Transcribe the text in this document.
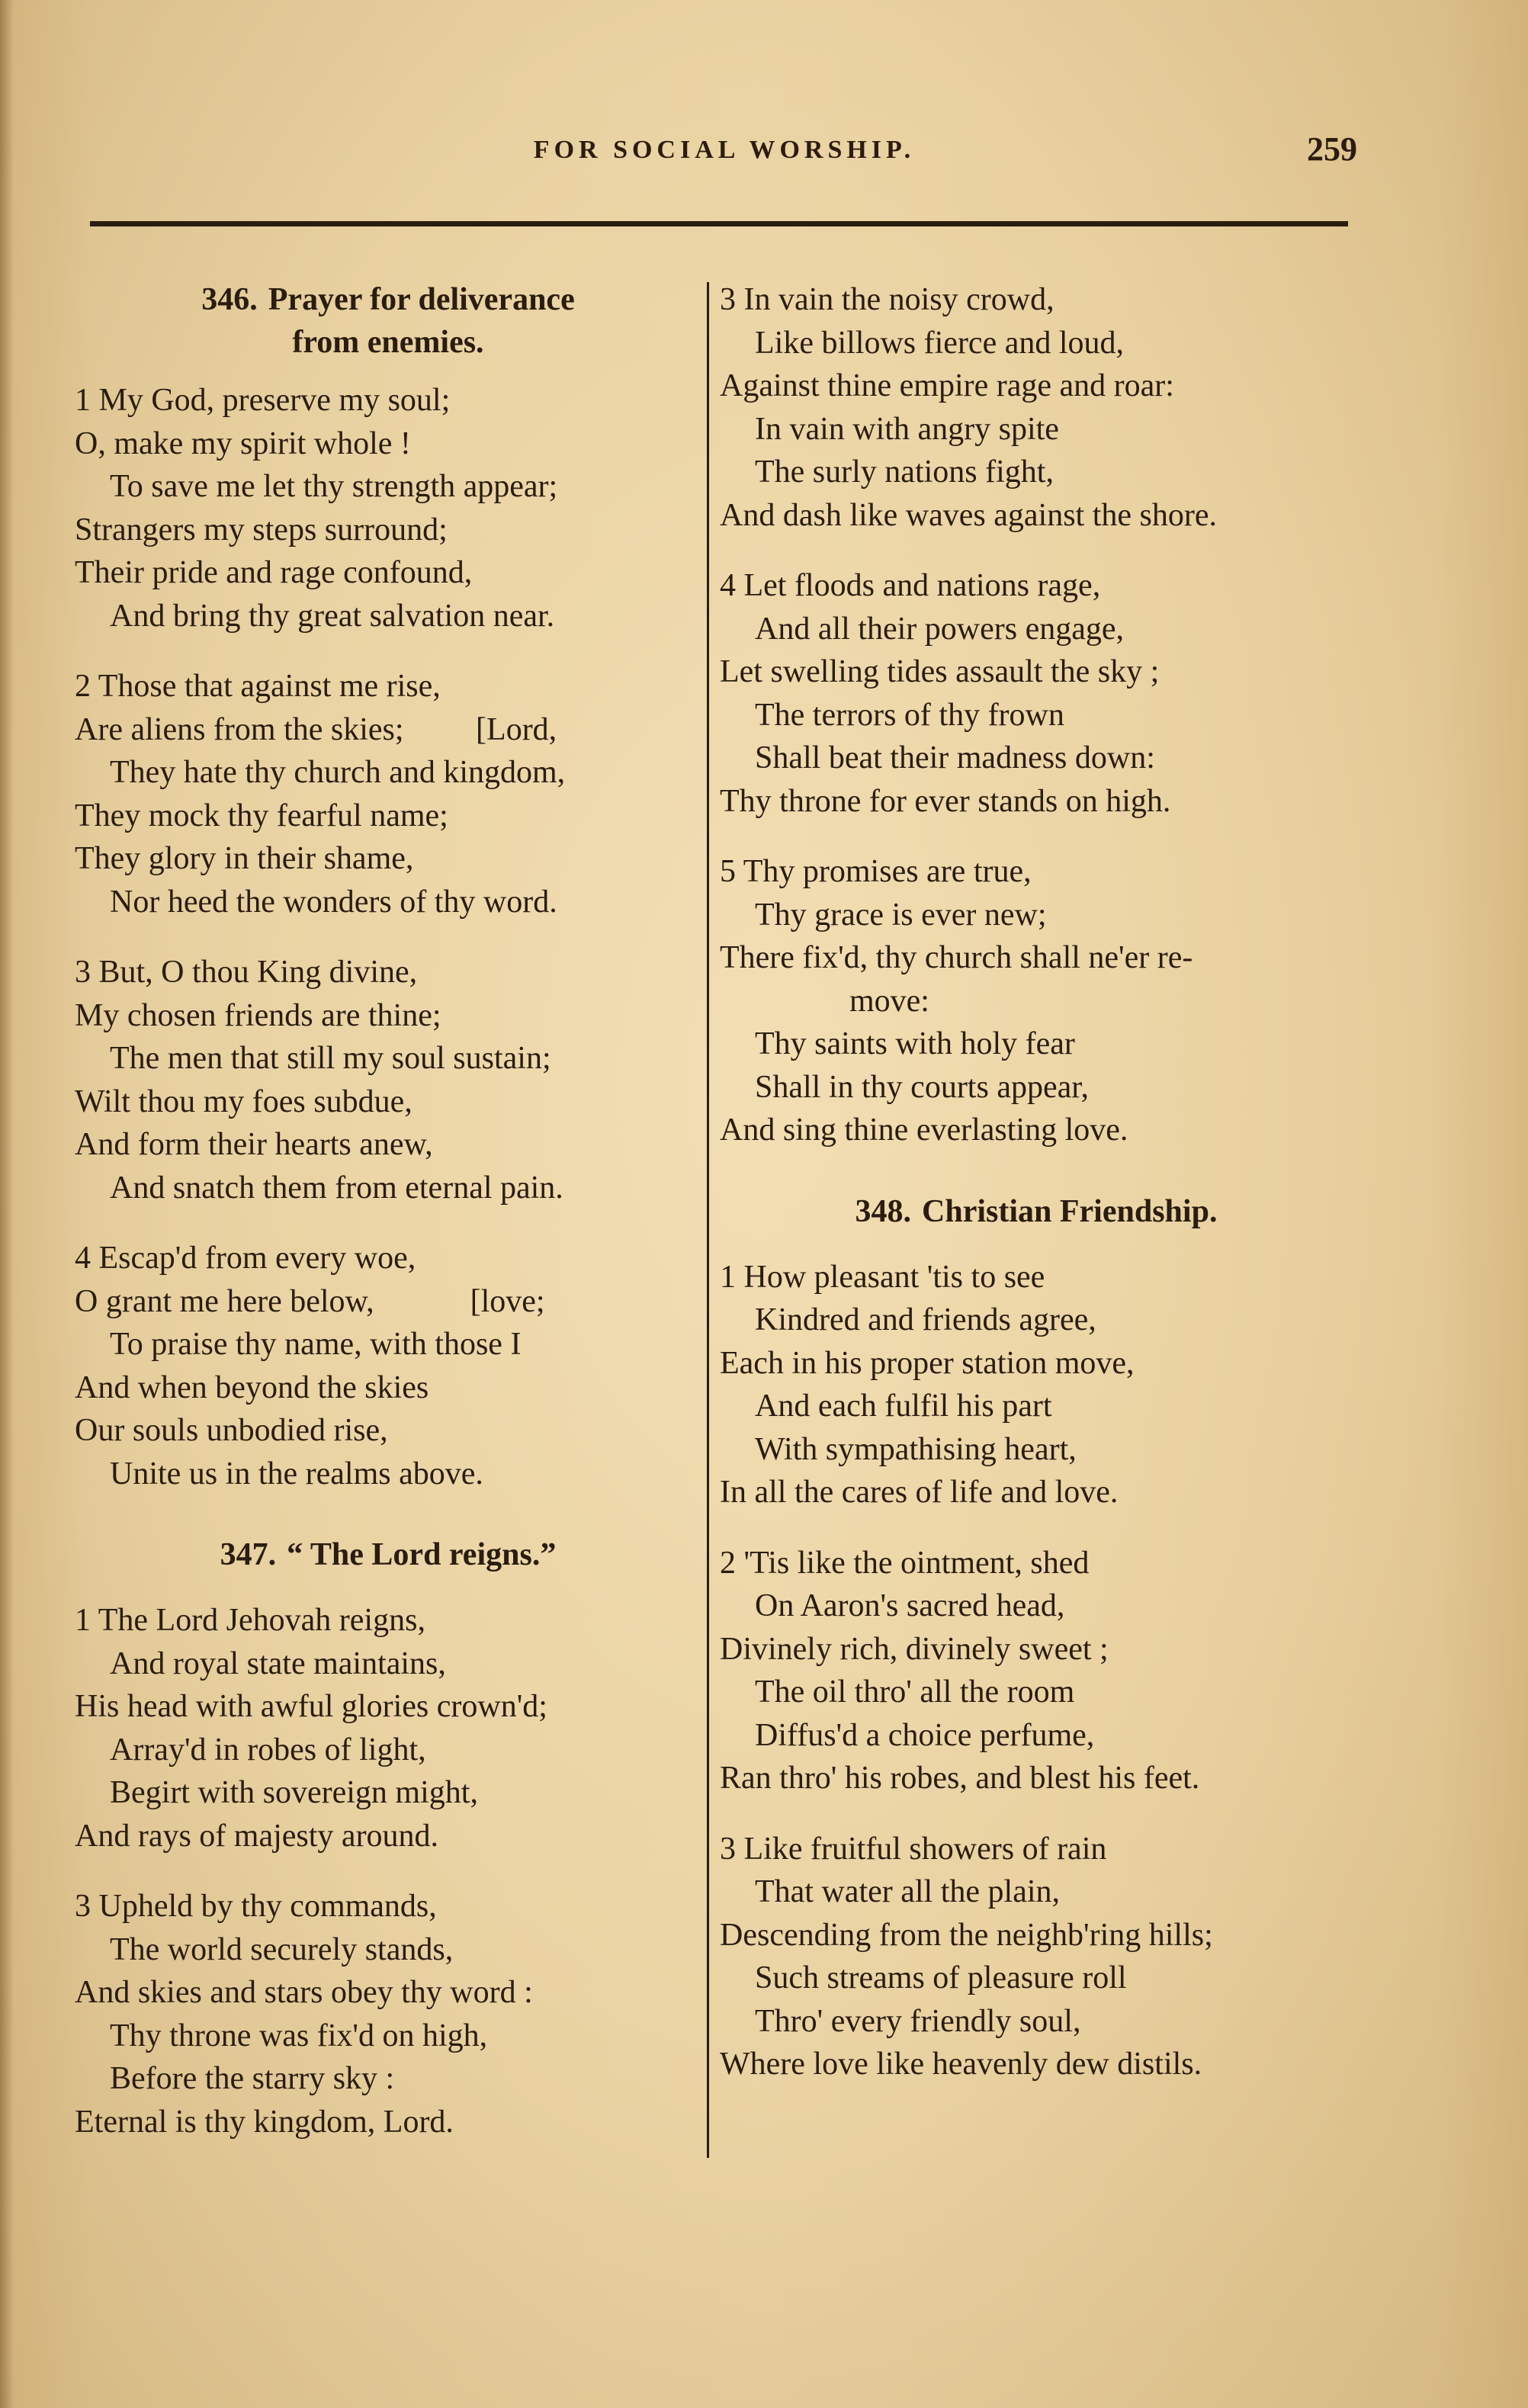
FOR SOCIAL WORSHIP.	259
346. Prayer for deliverance
from enemies.
1 My God, preserve my soul;
O, make my spirit whole !
To save me let thy strength appear;
Strangers my steps surround;
Their pride and rage confound,
And bring thy great salvation near.
2 Those that against me rise,
Are aliens from the skies;         [Lord,
They hate thy church and kingdom,
They mock thy fearful name;
They glory in their shame,
Nor heed the wonders of thy word.
3 But, O thou King divine,
My chosen friends are thine;
The men that still my soul sustain;
Wilt thou my foes subdue,
And form their hearts anew,
And snatch them from eternal pain.
4 Escap'd from every woe,
O grant me here below,            [love;
To praise thy name, with those I
And when beyond the skies
Our souls unbodied rise,
Unite us in the realms above.
347. “ The Lord reigns.”
1 The Lord Jehovah reigns,
And royal state maintains,
His head with awful glories crown'd;
Array'd in robes of light,
Begirt with sovereign might,
And rays of majesty around.
3 Upheld by thy commands,
The world securely stands,
And skies and stars obey thy word :
Thy throne was fix'd on high,
Before the starry sky :
Eternal is thy kingdom, Lord.
3 In vain the noisy crowd,
Like billows fierce and loud,
Against thine empire rage and roar:
In vain with angry spite
The surly nations fight,
And dash like waves against the shore.
4 Let floods and nations rage,
And all their powers engage,
Let swelling tides assault the sky ;
The terrors of thy frown
Shall beat their madness down:
Thy throne for ever stands on high.
5 Thy promises are true,
Thy grace is ever new;
There fix'd, thy church shall ne'er re-
move:
Thy saints with holy fear
Shall in thy courts appear,
And sing thine everlasting love.
348. Christian Friendship.
1 How pleasant 'tis to see
Kindred and friends agree,
Each in his proper station move,
And each fulfil his part
With sympathising heart,
In all the cares of life and love.
2 'Tis like the ointment, shed
On Aaron's sacred head,
Divinely rich, divinely sweet ;
The oil thro' all the room
Diffus'd a choice perfume,
Ran thro' his robes, and blest his feet.
3 Like fruitful showers of rain
That water all the plain,
Descending from the neighb'ring hills;
Such streams of pleasure roll
Thro' every friendly soul,
Where love like heavenly dew distils.
